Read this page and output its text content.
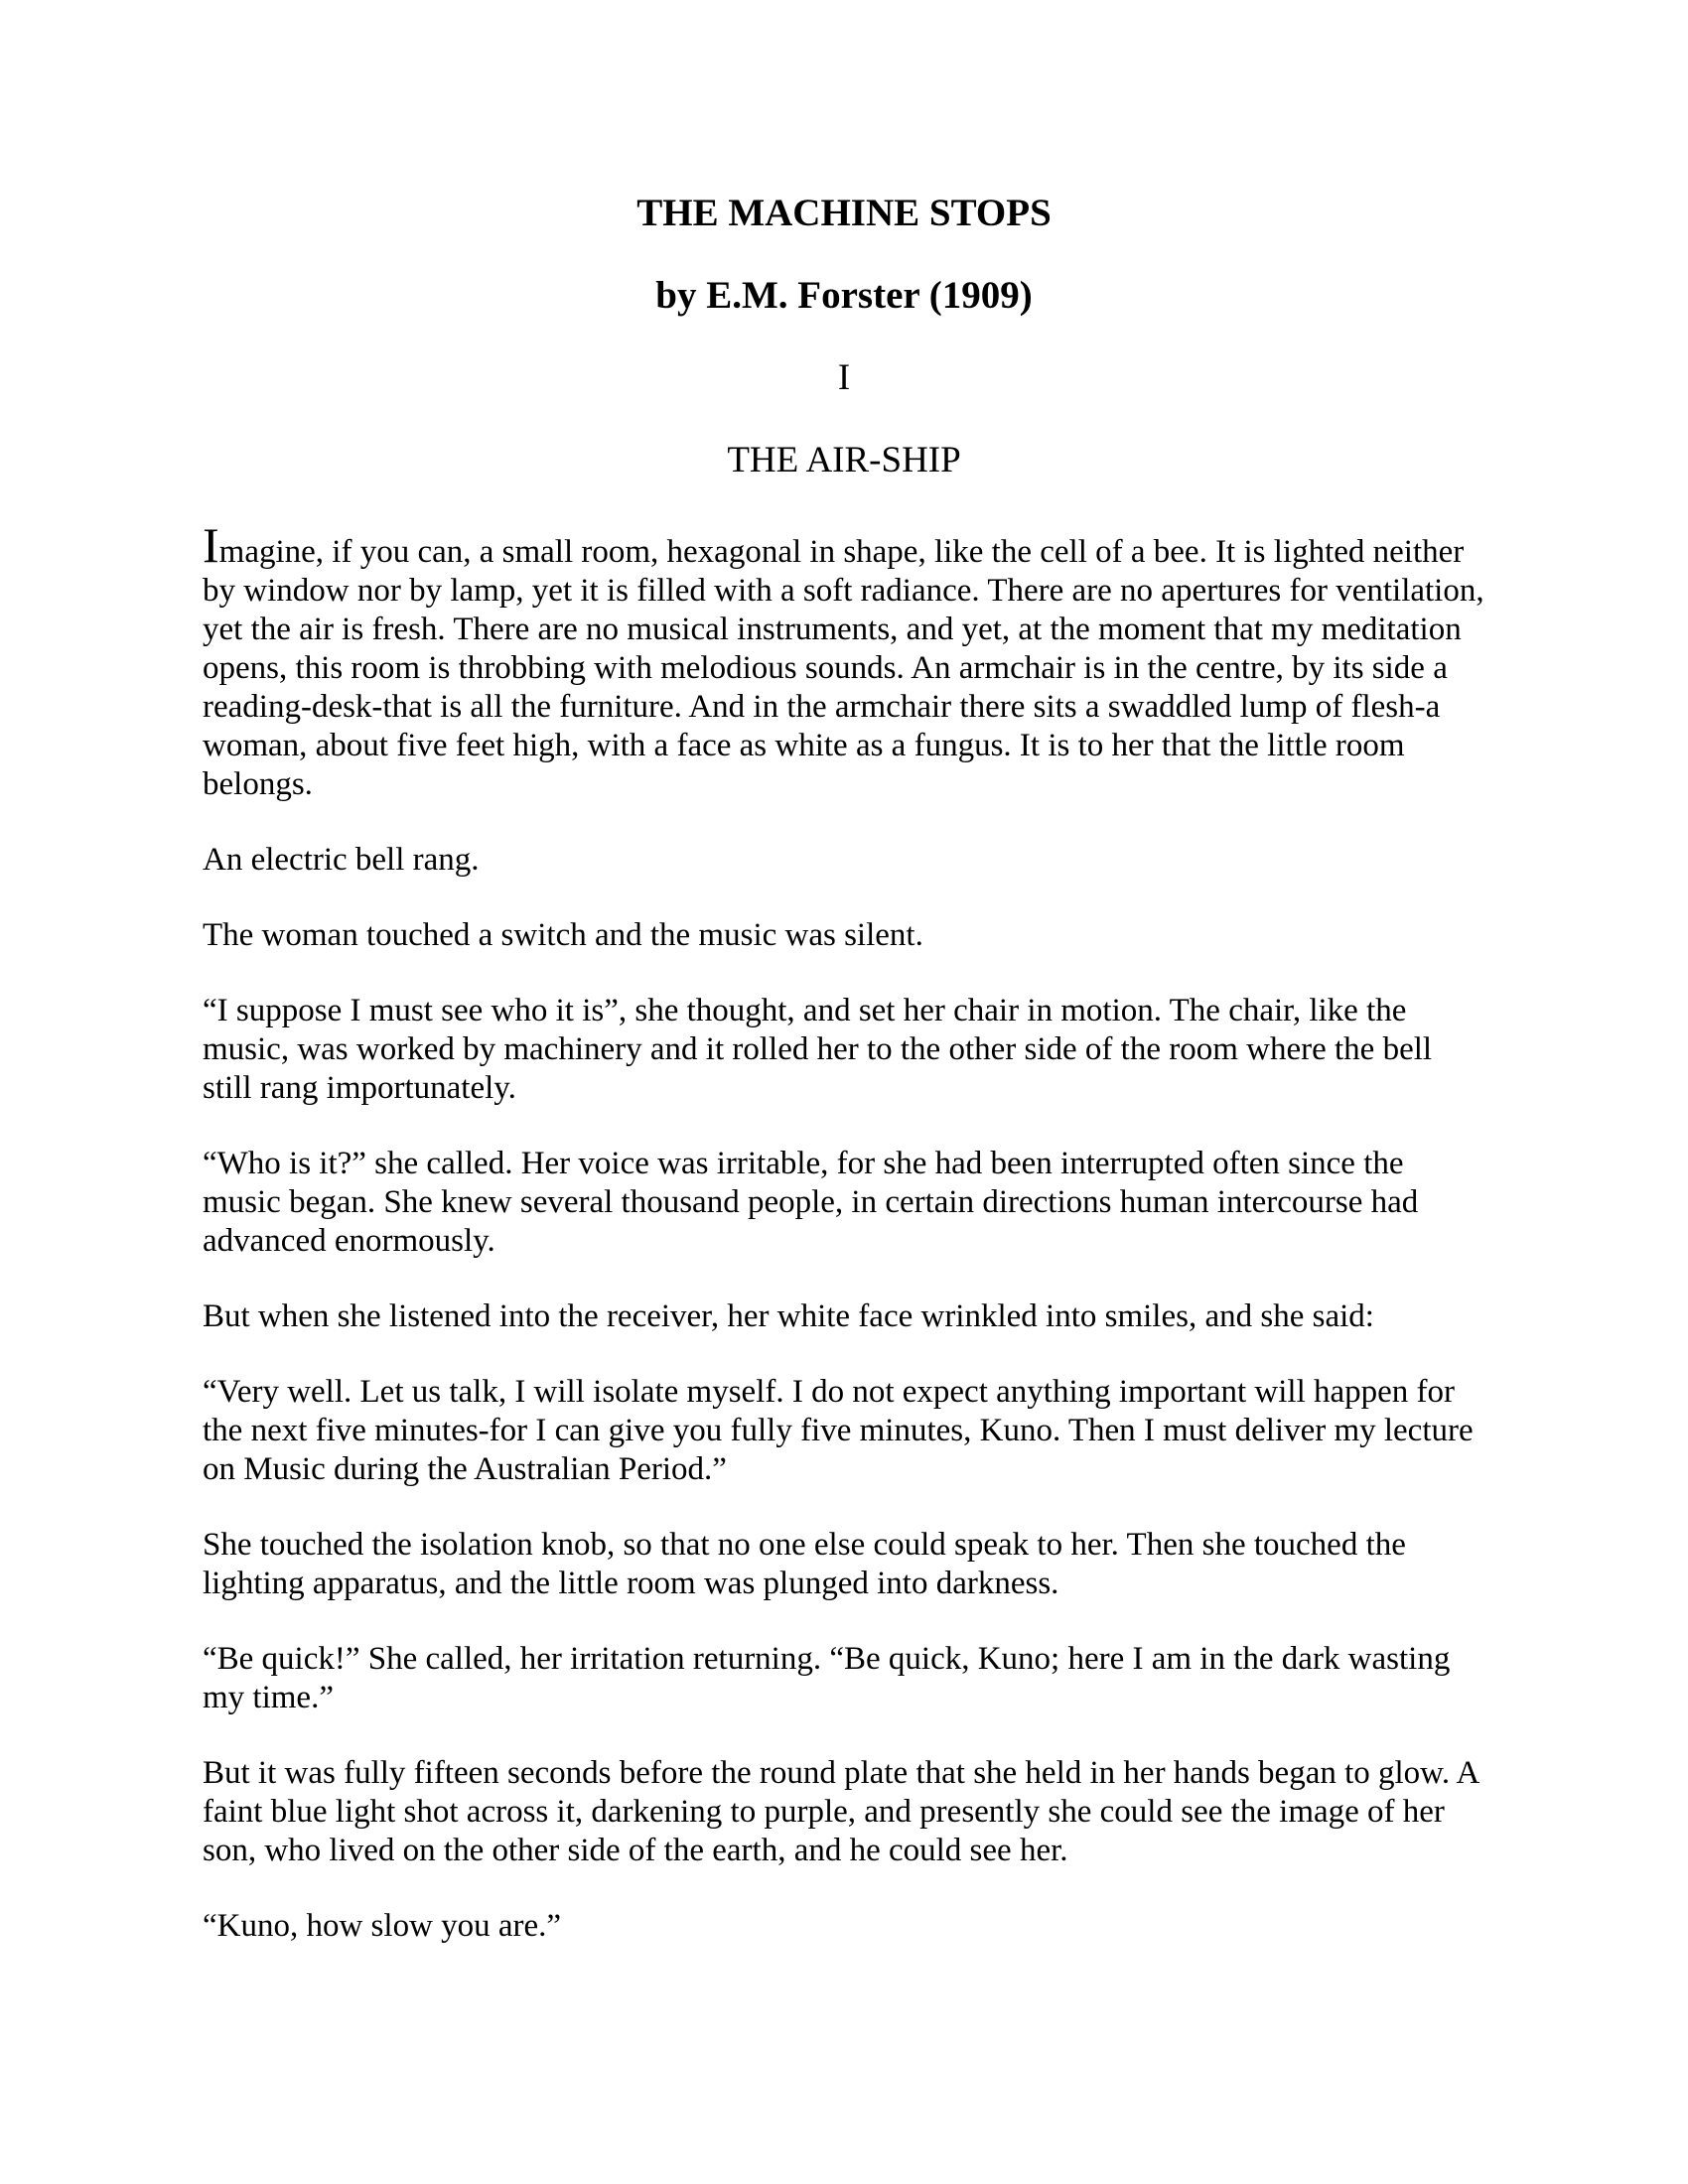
THE MACHINE STOPS
by E.M. Forster (1909)
I
THE AIR-SHIP

Imagine, if you can, a small room, hexagonal in shape, like the cell of a bee. It is lighted neither by window nor by lamp, yet it is filled with a soft radiance. There are no apertures for ventilation, yet the air is fresh. There are no musical instruments, and yet, at the moment that my meditation opens, this room is throbbing with melodious sounds. An armchair is in the centre, by its side a reading-desk-that is all the furniture. And in the armchair there sits a swaddled lump of flesh-a woman, about five feet high, with a face as white as a fungus. It is to her that the little room belongs.

An electric bell rang.

The woman touched a switch and the music was silent.

“I suppose I must see who it is”, she thought, and set her chair in motion. The chair, like the music, was worked by machinery and it rolled her to the other side of the room where the bell still rang importunately.

“Who is it?” she called. Her voice was irritable, for she had been interrupted often since the music began. She knew several thousand people, in certain directions human intercourse had advanced enormously.

But when she listened into the receiver, her white face wrinkled into smiles, and she said:

“Very well. Let us talk, I will isolate myself. I do not expect anything important will happen for the next five minutes-for I can give you fully five minutes, Kuno. Then I must deliver my lecture on Music during the Australian Period.”

She touched the isolation knob, so that no one else could speak to her. Then she touched the lighting apparatus, and the little room was plunged into darkness.

“Be quick!” She called, her irritation returning. “Be quick, Kuno; here I am in the dark wasting my time.”

But it was fully fifteen seconds before the round plate that she held in her hands began to glow. A faint blue light shot across it, darkening to purple, and presently she could see the image of her son, who lived on the other side of the earth, and he could see her.

“Kuno, how slow you are.”
